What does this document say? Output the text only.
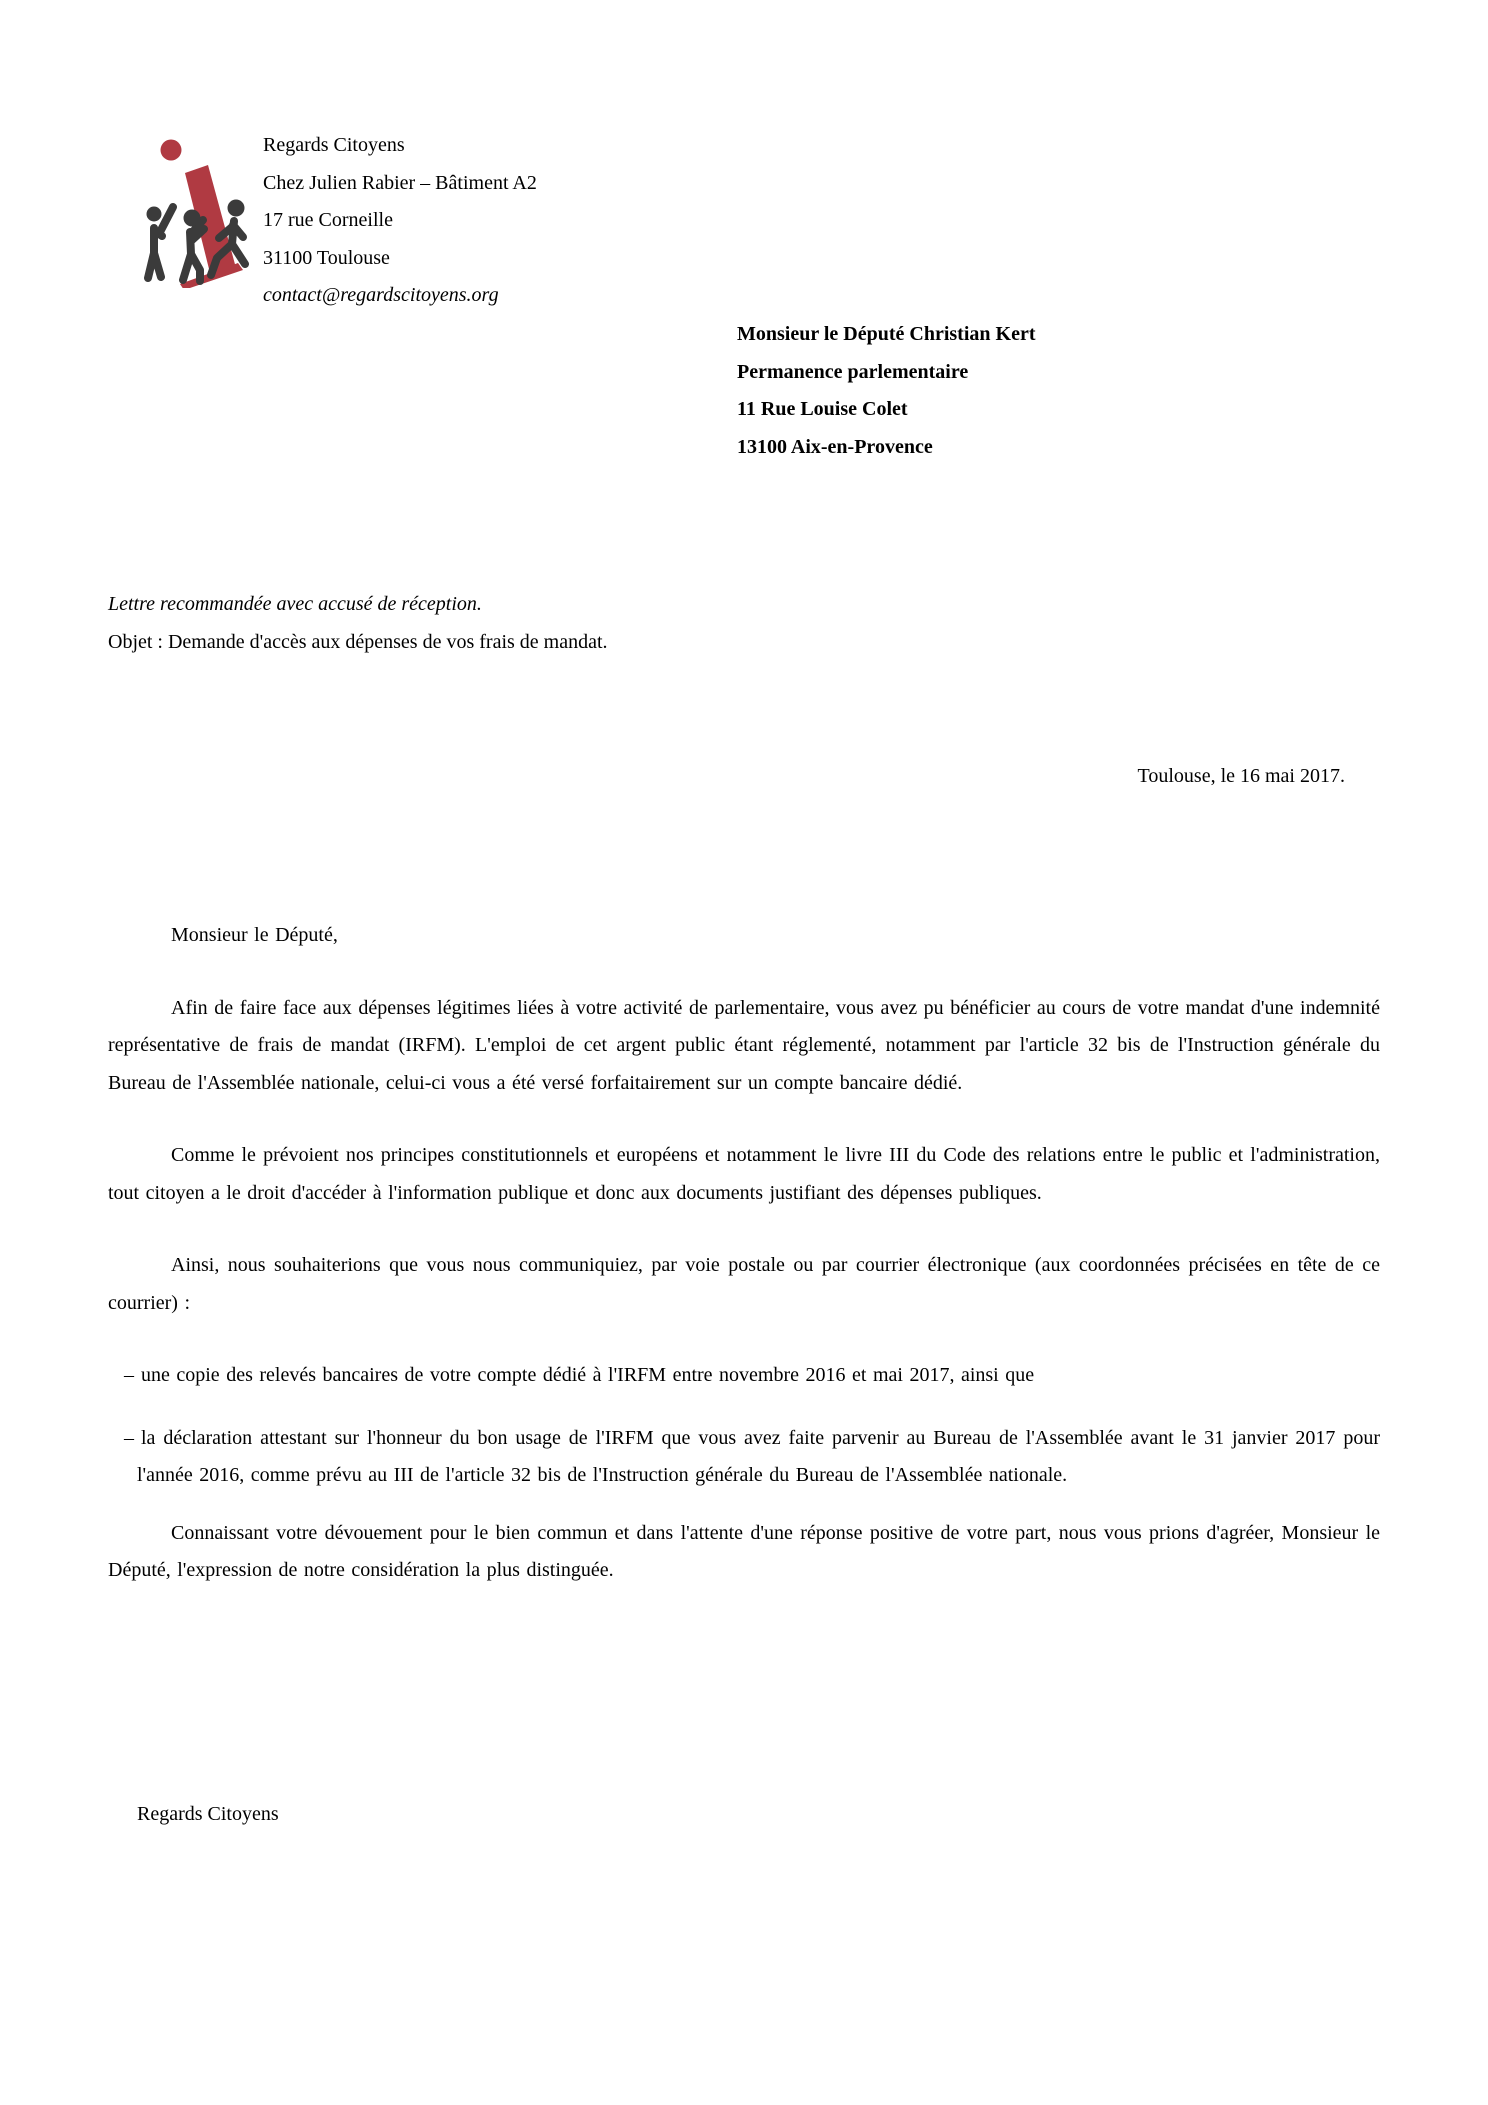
Regards Citoyens
Chez Julien Rabier – Bâtiment A2
17 rue Corneille
31100 Toulouse
contact@regardscitoyens.org
Monsieur le Député Christian Kert
Permanence parlementaire
11 Rue Louise Colet
13100 Aix-en-Provence
Lettre recommandée avec accusé de réception.
Objet : Demande d'accès aux dépenses de vos frais de mandat.
Toulouse, le 16 mai 2017.

Monsieur le Député,

Afin de faire face aux dépenses légitimes liées à votre activité de parlementaire, vous avez pu bénéficier au cours de votre mandat d'une indemnité représentative de frais de mandat (IRFM). L'emploi de cet argent public étant réglementé, notamment par l'article 32 bis de l'Instruction générale du Bureau de l'Assemblée nationale, celui-ci vous a été versé forfaitairement sur un compte bancaire dédié.

Comme le prévoient nos principes constitutionnels et européens et notamment le livre III du Code des relations entre le public et l'administration, tout citoyen a le droit d'accéder à l'information publique et donc aux documents justifiant des dépenses publiques.

Ainsi, nous souhaiterions que vous nous communiquiez, par voie postale ou par courrier électronique (aux coordonnées précisées en tête de ce courrier) :

– une copie des relevés bancaires de votre compte dédié à l'IRFM entre novembre 2016 et mai 2017, ainsi que
– la déclaration attestant sur l'honneur du bon usage de l'IRFM que vous avez faite parvenir au Bureau de l'Assemblée avant le 31 janvier 2017 pour l'année 2016, comme prévu au III de l'article 32 bis de l'Instruction générale du Bureau de l'Assemblée nationale.

Connaissant votre dévouement pour le bien commun et dans l'attente d'une réponse positive de votre part, nous vous prions d'agréer, Monsieur le Député, l'expression de notre considération la plus distinguée.

Regards Citoyens
